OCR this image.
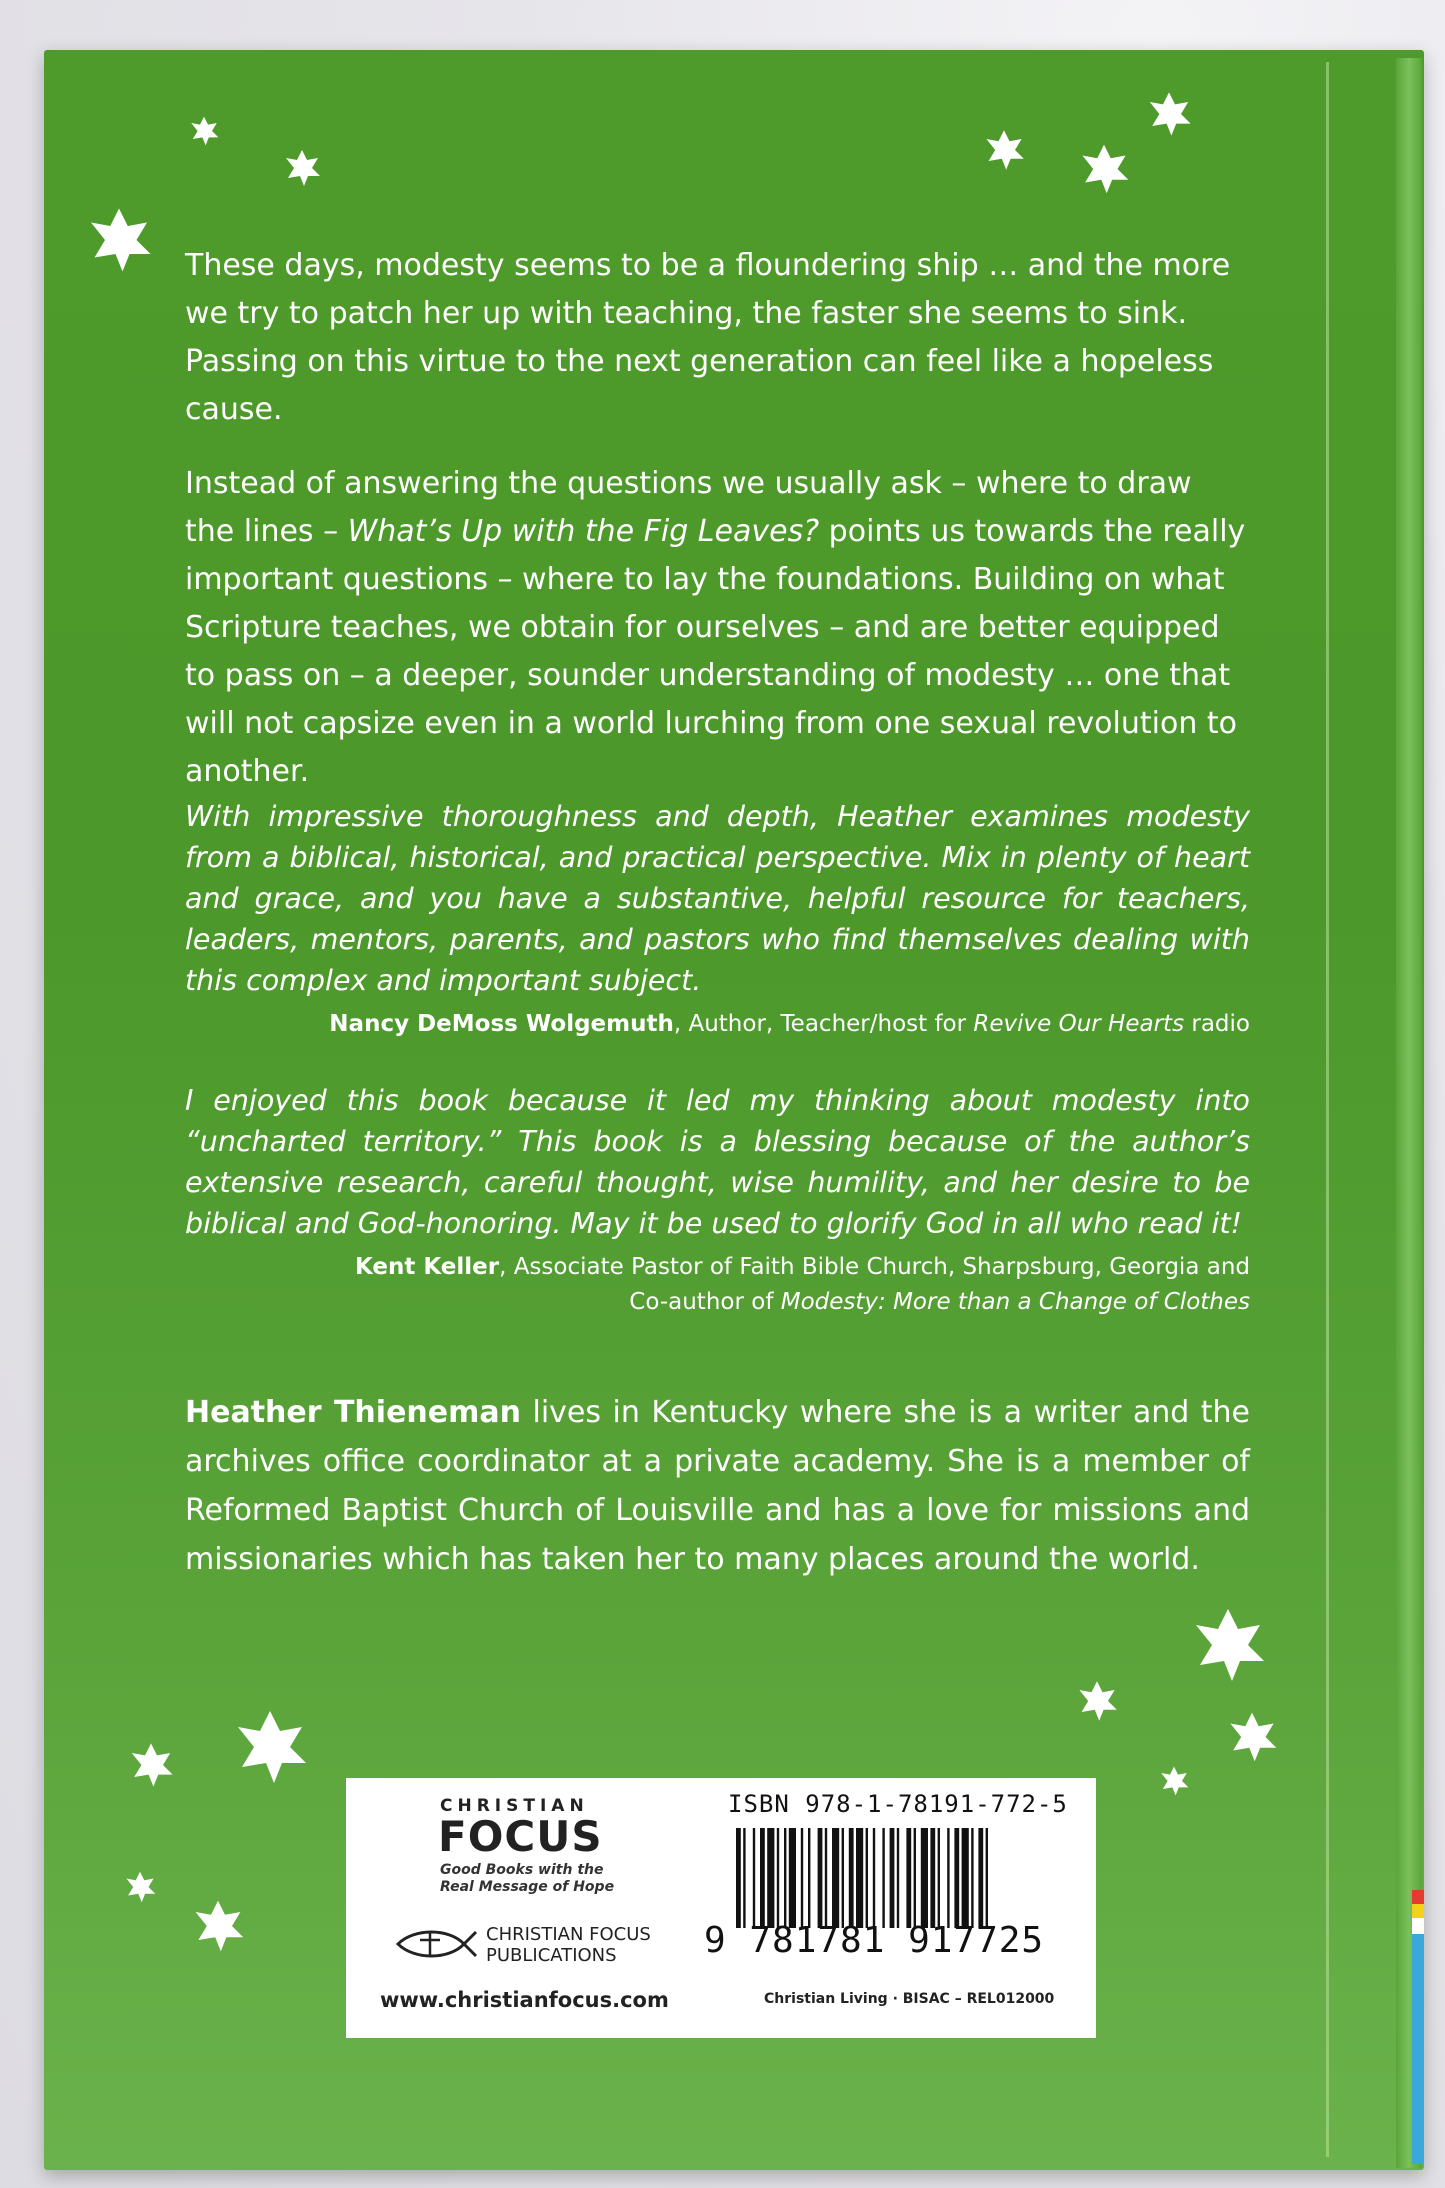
These days, modesty seems to be a floundering ship … and the more we try to patch her up with teaching, the faster she seems to sink. Passing on this virtue to the next generation can feel like a hopeless cause.

Instead of answering the questions we usually ask – where to draw the lines – What’s Up with the Fig Leaves? points us towards the really important questions – where to lay the foundations. Building on what Scripture teaches, we obtain for ourselves – and are better equipped to pass on – a deeper, sounder understanding of modesty … one that will not capsize even in a world lurching from one sexual revolution to another.

With impressive thoroughness and depth, Heather examines modesty from a biblical, historical, and practical perspective. Mix in plenty of heart and grace, and you have a substantive, helpful resource for teachers, leaders, mentors, parents, and pastors who find themselves dealing with this complex and important subject.

Nancy DeMoss Wolgemuth, Author, Teacher/host for Revive Our Hearts radio

I enjoyed this book because it led my thinking about modesty into “uncharted territory.” This book is a blessing because of the author’s extensive research, careful thought, wise humility, and her desire to be biblical and God-honoring. May it be used to glorify God in all who read it!

Kent Keller, Associate Pastor of Faith Bible Church, Sharpsburg, Georgia and
Co-author of Modesty: More than a Change of Clothes

Heather Thieneman lives in Kentucky where she is a writer and the archives office coordinator at a private academy. She is a member of Reformed Baptist Church of Louisville and has a love for missions and missionaries which has taken her to many places around the world.

CHRISTIAN
FOCUS
Good Books with the
Real Message of Hope
CHRISTIAN FOCUS
PUBLICATIONS
www.christianfocus.com
ISBN 978-1-78191-772-5
9 781781 917725
Christian Living · BISAC – REL012000
